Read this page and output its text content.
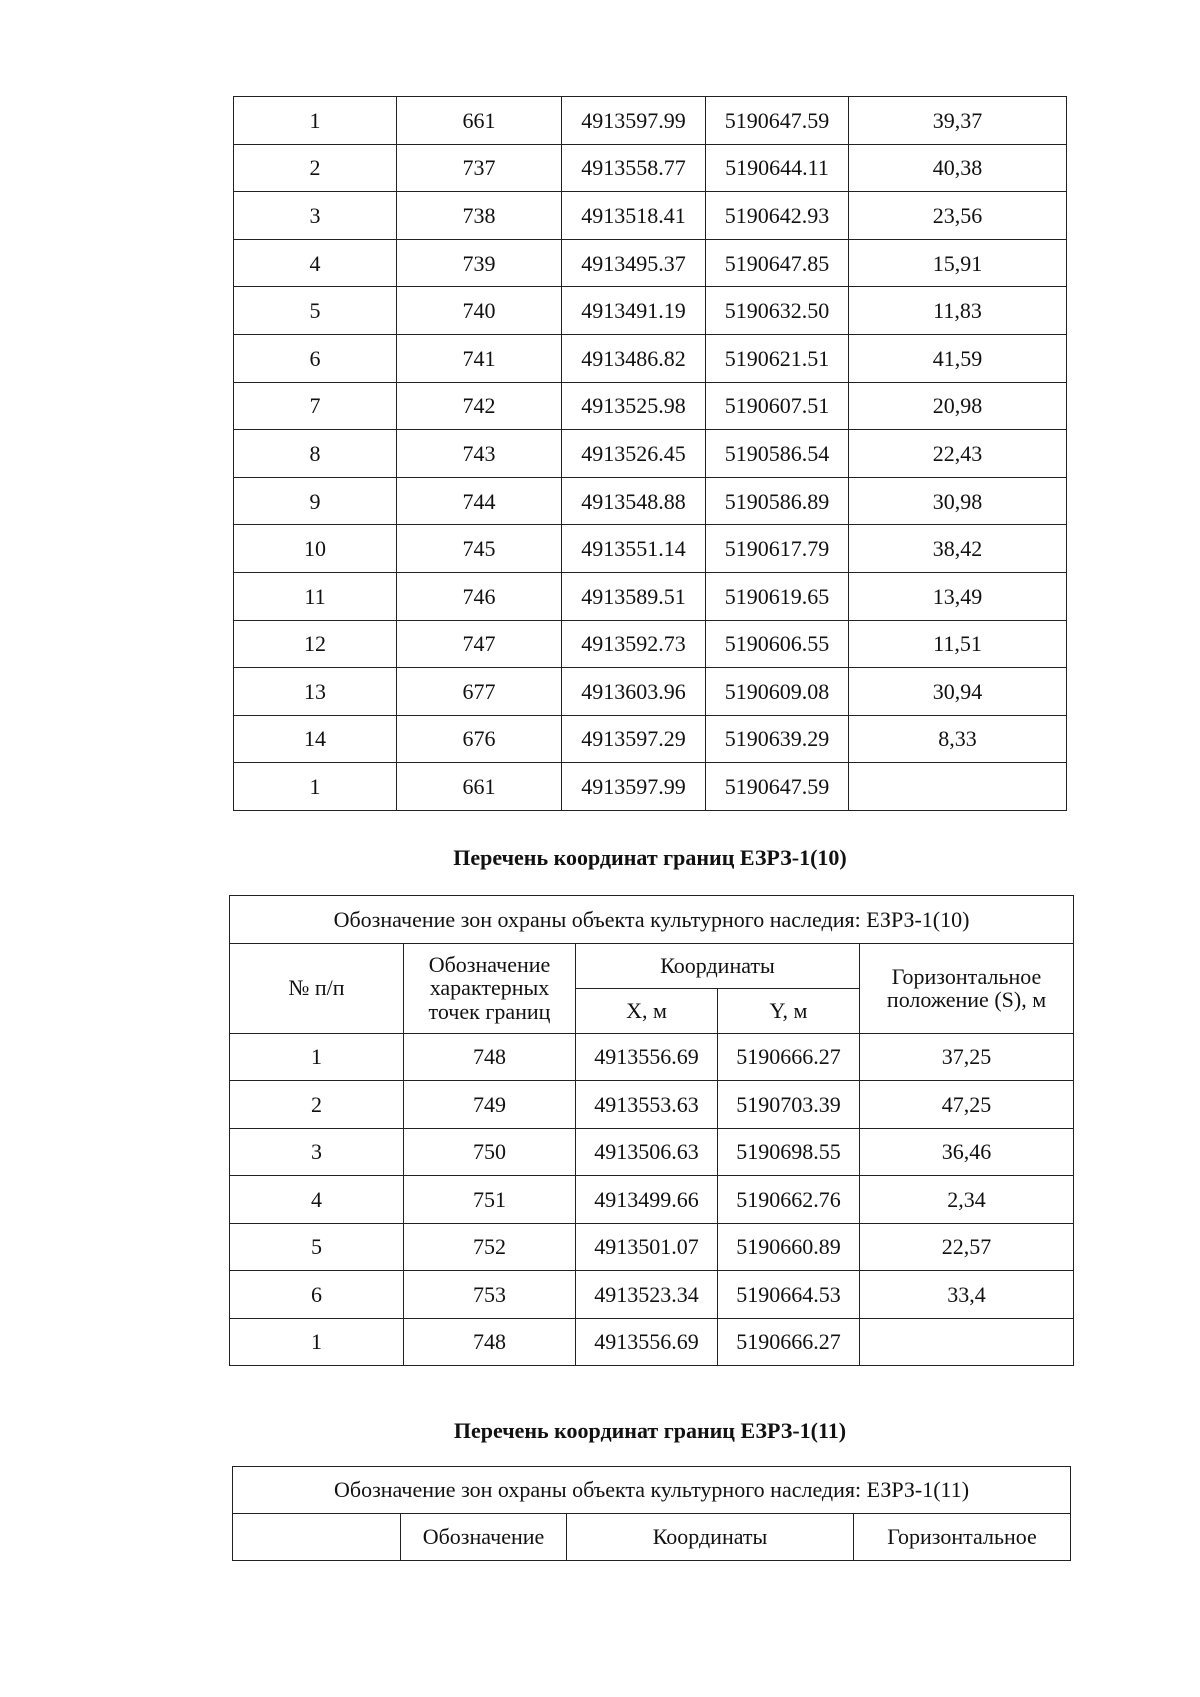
1	661	4913597.99	5190647.59	39,37
2	737	4913558.77	5190644.11	40,38
3	738	4913518.41	5190642.93	23,56
4	739	4913495.37	5190647.85	15,91
5	740	4913491.19	5190632.50	11,83
6	741	4913486.82	5190621.51	41,59
7	742	4913525.98	5190607.51	20,98
8	743	4913526.45	5190586.54	22,43
9	744	4913548.88	5190586.89	30,98
10	745	4913551.14	5190617.79	38,42
11	746	4913589.51	5190619.65	13,49
12	747	4913592.73	5190606.55	11,51
13	677	4913603.96	5190609.08	30,94
14	676	4913597.29	5190639.29	8,33
1	661	4913597.99	5190647.59	
Перечень координат границ ЕЗРЗ-1(10)
Обозначение зон охраны объекта культурного наследия: ЕЗРЗ-1(10)				
№ п/п	Обозначение характерных точек границ	Координаты		Горизонтальное положение (S), м
		X, м	Y, м	
1	748	4913556.69	5190666.27	37,25
2	749	4913553.63	5190703.39	47,25
3	750	4913506.63	5190698.55	36,46
4	751	4913499.66	5190662.76	2,34
5	752	4913501.07	5190660.89	22,57
6	753	4913523.34	5190664.53	33,4
1	748	4913556.69	5190666.27	
Перечень координат границ ЕЗРЗ-1(11)
Обозначение зон охраны объекта культурного наследия: ЕЗРЗ-1(11)
	Обозначение	Координаты	Горизонтальное
